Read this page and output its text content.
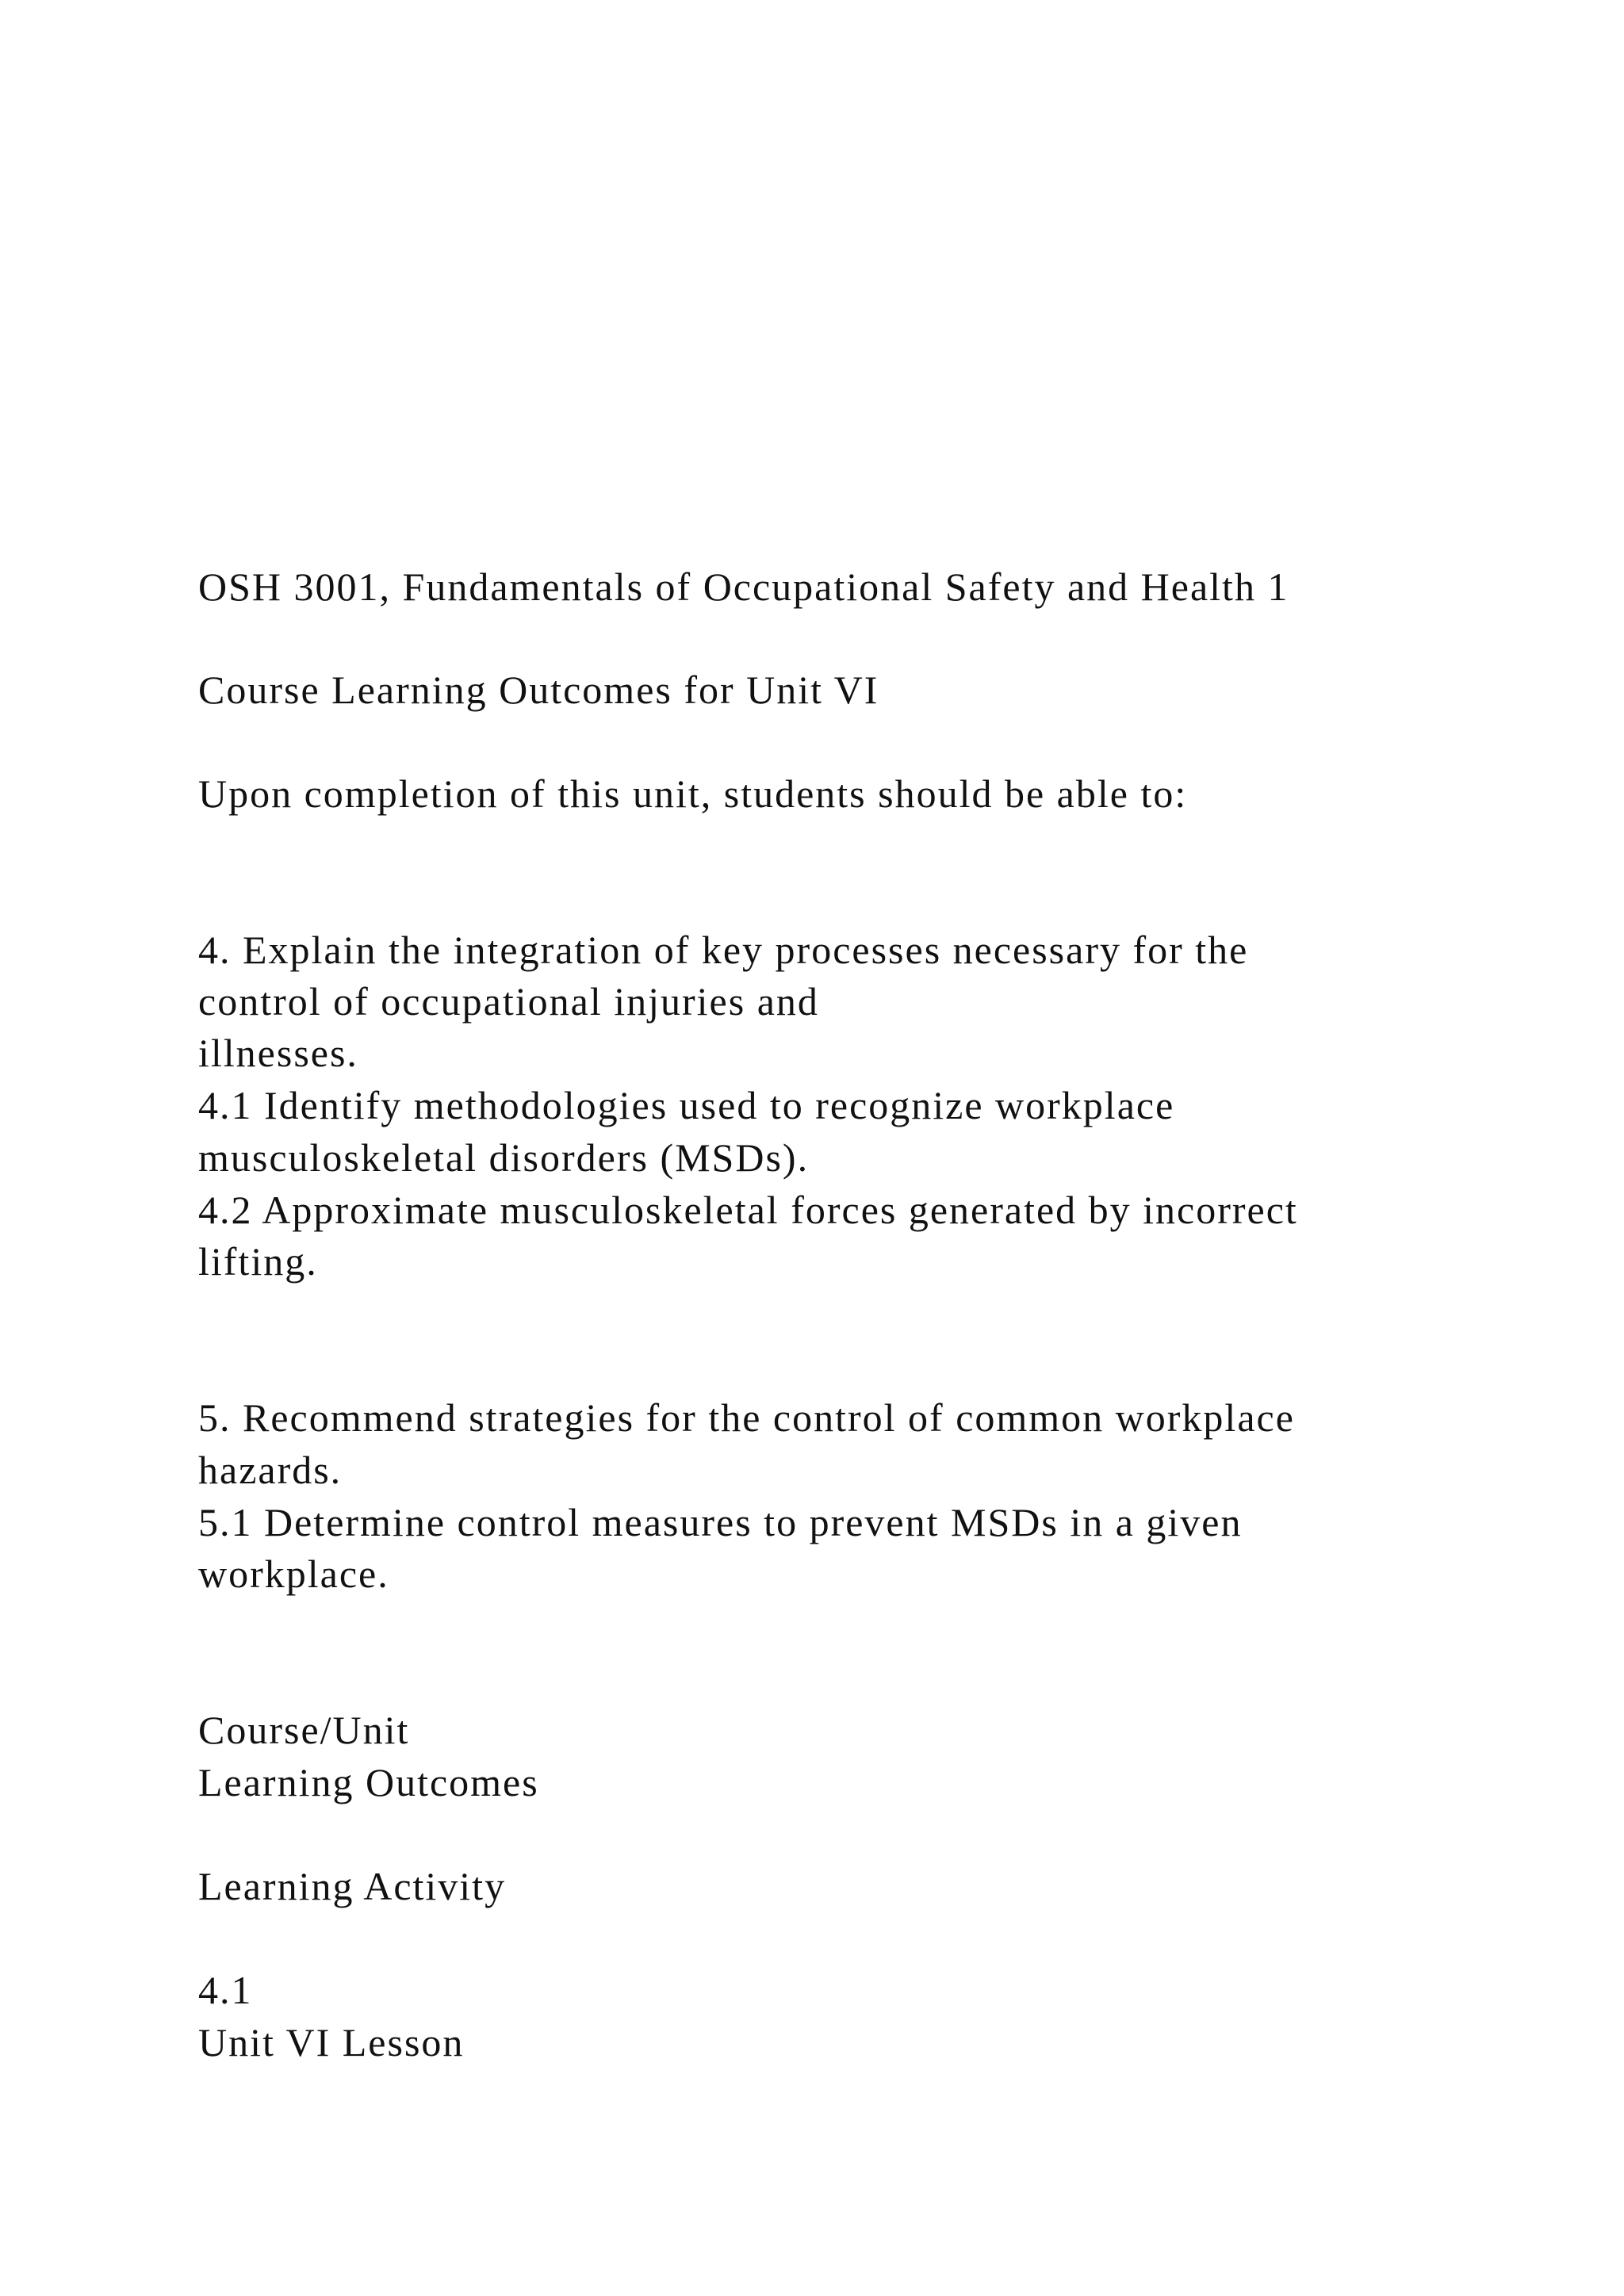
OSH 3001, Fundamentals of Occupational Safety and Health 1
Course Learning Outcomes for Unit VI
Upon completion of this unit, students should be able to:
4. Explain the integration of key processes necessary for the
control of occupational injuries and
illnesses.
4.1 Identify methodologies used to recognize workplace
musculoskeletal disorders (MSDs).
4.2 Approximate musculoskeletal forces generated by incorrect
lifting.
5. Recommend strategies for the control of common workplace
hazards.
5.1 Determine control measures to prevent MSDs in a given
workplace.
Course/Unit
Learning Outcomes
Learning Activity
4.1
Unit VI Lesson
